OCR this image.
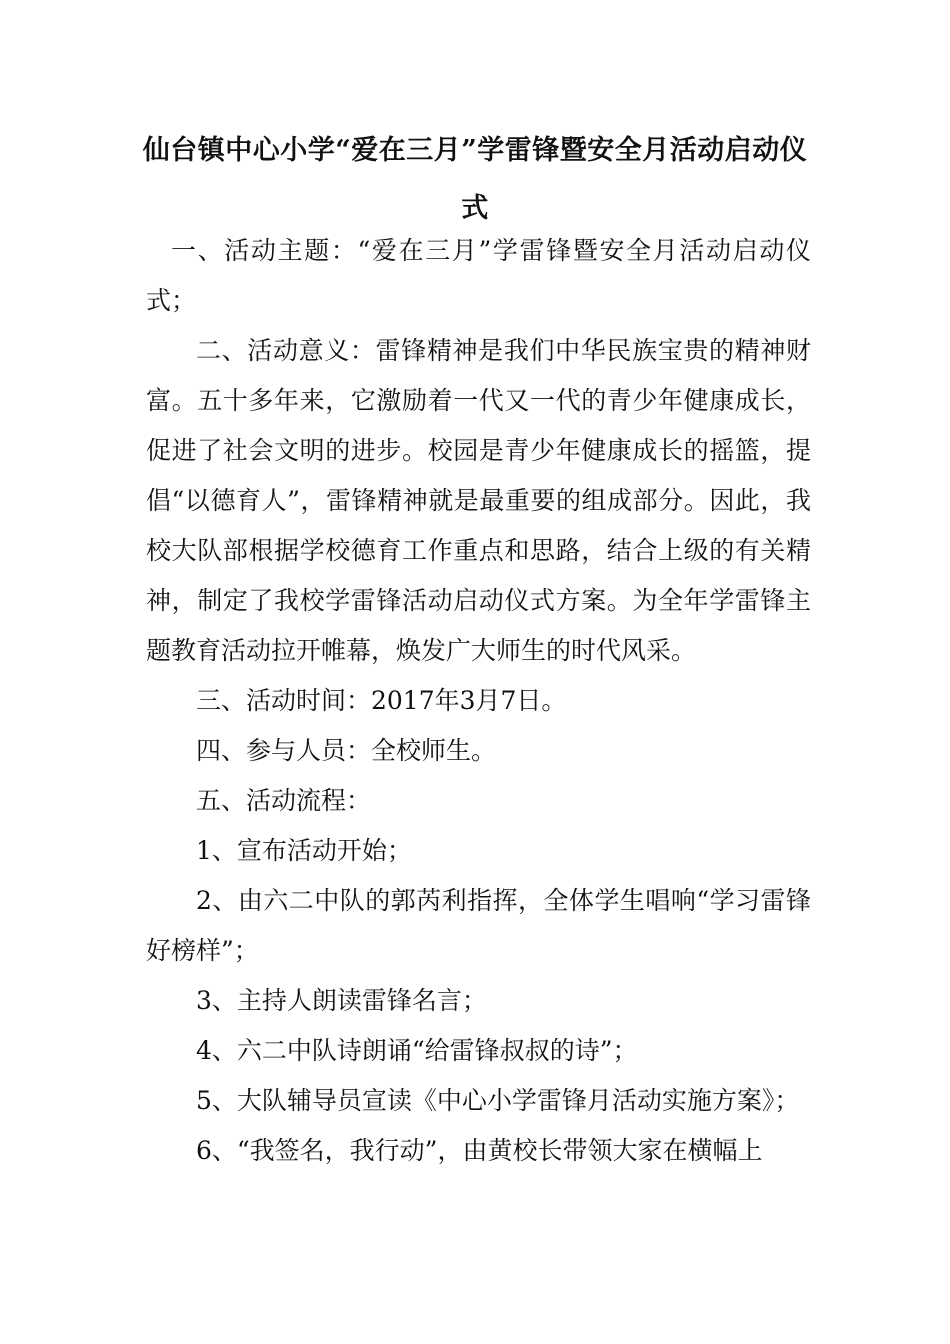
仙台镇中心小学“爱在三月”学雷锋暨安全月活动启动仪式

一、活动主题：“爱在三月”学雷锋暨安全月活动启动仪式；

二、活动意义：雷锋精神是我们中华民族宝贵的精神财富。五十多年来，它激励着一代又一代的青少年健康成长，促进了社会文明的进步。校园是青少年健康成长的摇篮，提倡“以德育人”，雷锋精神就是最重要的组成部分。因此，我校大队部根据学校德育工作重点和思路，结合上级的有关精神，制定了我校学雷锋活动启动仪式方案。为全年学雷锋主题教育活动拉开帷幕，焕发广大师生的时代风采。

三、活动时间：2017年3月7日。

四、参与人员：全校师生。

五、活动流程：

1、宣布活动开始；

2、由六二中队的郭芮利指挥，全体学生唱响“学习雷锋好榜样”；

3、主持人朗读雷锋名言；

4、六二中队诗朗诵“给雷锋叔叔的诗”；

5、大队辅导员宣读《中心小学雷锋月活动实施方案》；

6、“我签名，我行动”，由黄校长带领大家在横幅上
